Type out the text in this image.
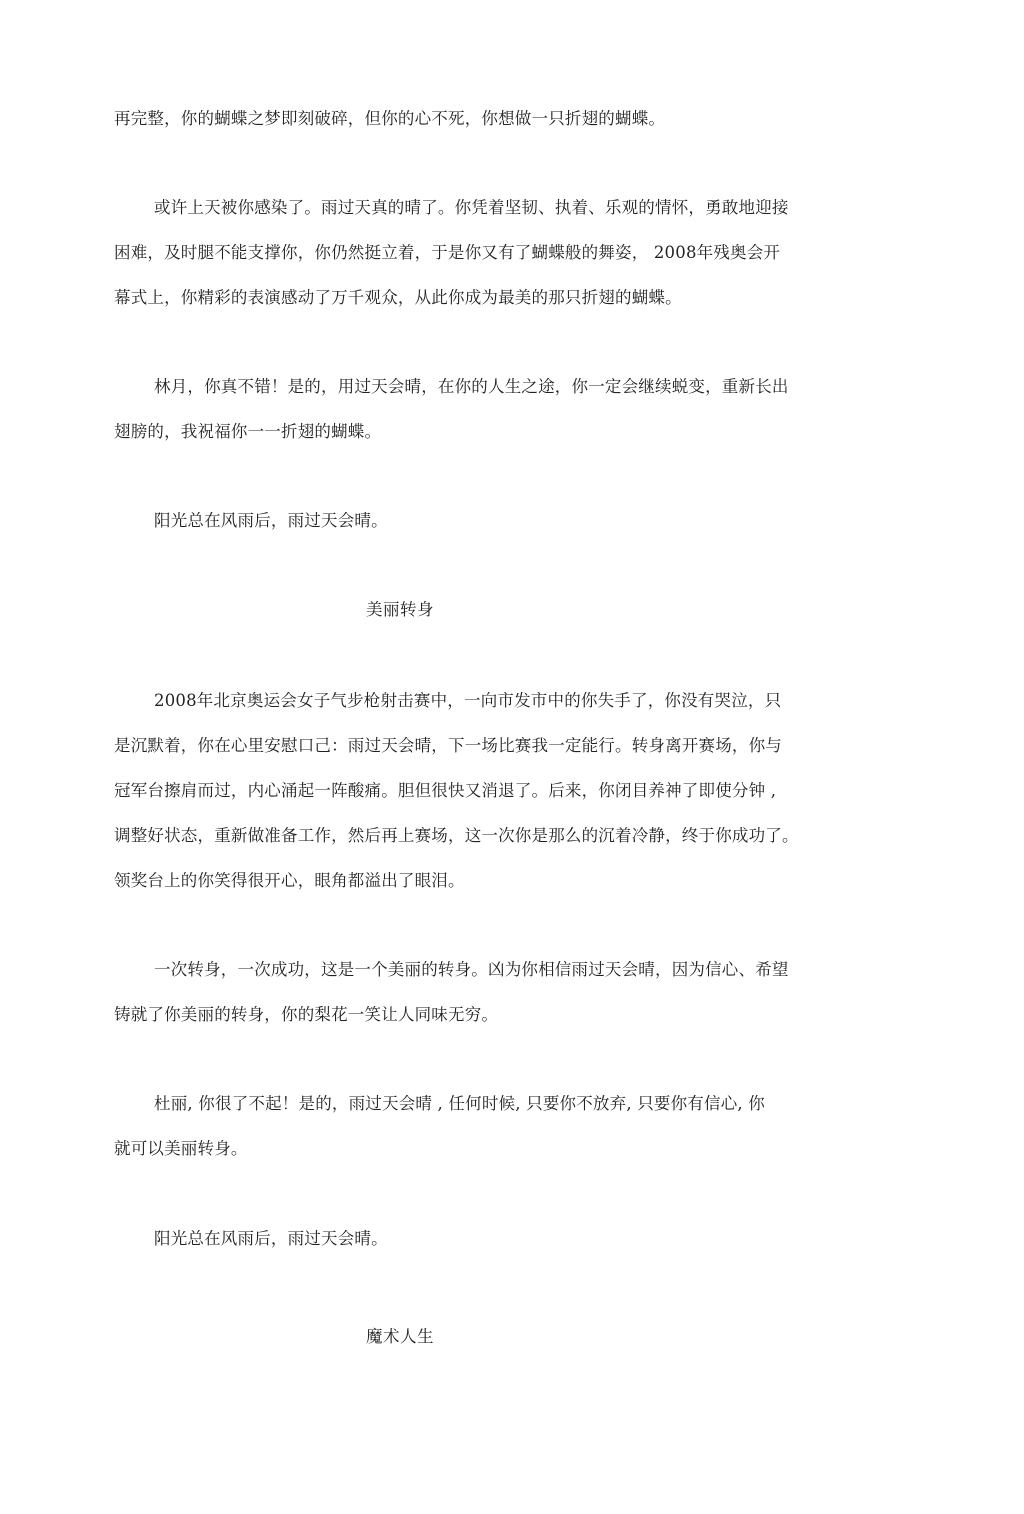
再完整，你的蝴蝶之梦即刻破碎，但你的心不死，你想做一只折翅的蝴蝶。
或许上天被你感染了。雨过天真的晴了。你凭着坚韧、执着、乐观的情怀，勇敢地迎接
困难，及时腿不能支撑你，你仍然挺立着，于是你又有了蝴蝶般的舞姿， 2008年残奥会开
幕式上，你精彩的表演感动了万千观众，从此你成为最美的那只折翅的蝴蝶。
林月，你真不错！是的，用过天会晴，在你的人生之途，你一定会继续蜕变，重新长出
翅膀的，我祝福你一一折翅的蝴蝶。
阳光总在风雨后，雨过天会晴。
美丽转身
2008年北京奥运会女子气步枪射击赛中，一向市发市中的你失手了，你没有哭泣，只
是沉默着，你在心里安慰口己：雨过天会晴，下一场比赛我一定能行。转身离开赛场，你与
冠军台擦肩而过，内心涌起一阵酸痛。胆但很快又消退了。后来，你闭目养神了即使分钟 ,
调整好状态，重新做准备工作，然后再上赛场，这一次你是那么的沉着冷静，终于你成功了。
领奖台上的你笑得很开心，眼角都溢出了眼泪。
一次转身，一次成功，这是一个美丽的转身。凶为你相信雨过天会晴，因为信心、希望
铸就了你美丽的转身，你的梨花一笑让人同味无穷。
杜丽, 你很了不起！是的，雨过天会晴 , 任何时候, 只要你不放弃, 只要你有信心, 你
就可以美丽转身。
阳光总在风雨后，雨过天会晴。
魔术人生
